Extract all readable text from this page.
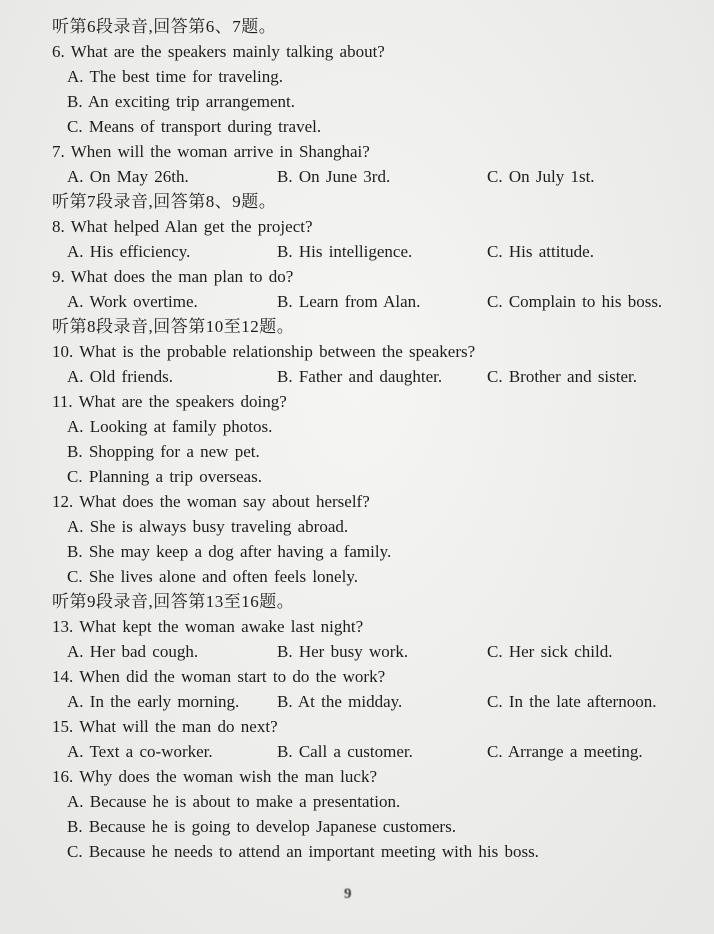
听第6段录音,回答第6、7题。
6. What are the speakers mainly talking about?
A. The best time for traveling.
B. An exciting trip arrangement.
C. Means of transport during travel.
7. When will the woman arrive in Shanghai?
A. On May 26th.	B. On June 3rd.	C. On July 1st.
听第7段录音,回答第8、9题。
8. What helped Alan get the project?
A. His efficiency.	B. His intelligence.	C. His attitude.
9. What does the man plan to do?
A. Work overtime.	B. Learn from Alan.	C. Complain to his boss.
听第8段录音,回答第10至12题。
10. What is the probable relationship between the speakers?
A. Old friends.	B. Father and daughter.	C. Brother and sister.
11. What are the speakers doing?
A. Looking at family photos.
B. Shopping for a new pet.
C. Planning a trip overseas.
12. What does the woman say about herself?
A. She is always busy traveling abroad.
B. She may keep a dog after having a family.
C. She lives alone and often feels lonely.
听第9段录音,回答第13至16题。
13. What kept the woman awake last night?
A. Her bad cough.	B. Her busy work.	C. Her sick child.
14. When did the woman start to do the work?
A. In the early morning.	B. At the midday.	C. In the late afternoon.
15. What will the man do next?
A. Text a co-worker.	B. Call a customer.	C. Arrange a meeting.
16. Why does the woman wish the man luck?
A. Because he is about to make a presentation.
B. Because he is going to develop Japanese customers.
C. Because he needs to attend an important meeting with his boss.
9
